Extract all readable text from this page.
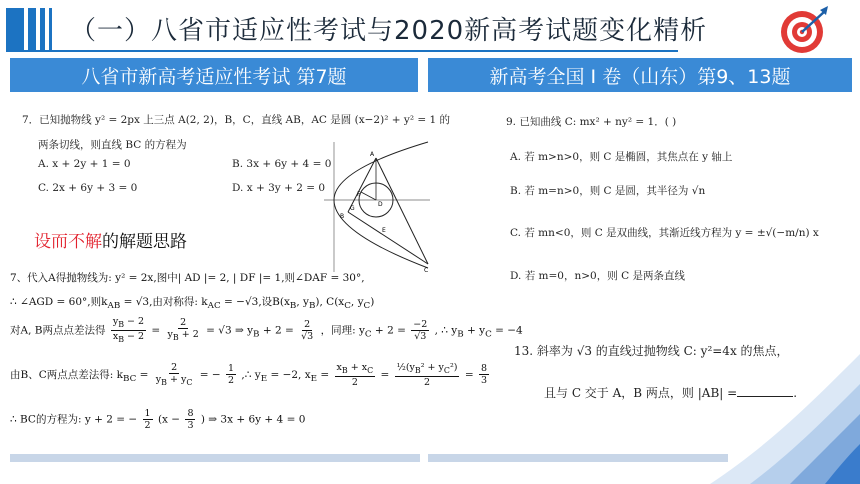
（一）八省市适应性考试与2020新高考试题变化精析
八省市新高考适应性考试 第7题	新高考全国 Ⅰ 卷（山东）第9、13题
7．已知抛物线 y² = 2px 上三点 A(2, 2)，B，C，直线 AB，AC 是圆 (x−2)² + y² = 1 的
两条切线，则直线 BC 的方程为
A. x + 2y + 1 = 0	B. 3x + 6y + 4 = 0
C. 2x + 6y + 3 = 0	D. x + 3y + 2 = 0
设而不解的解题思路
A
D
B
E
G
F
C
7、代入A得抛物线为: y² = 2x,图中| AD |= 2, | DF |= 1,则∠DAF = 30°,
∴ ∠AGD = 60°,则$k_{AB} = √3$,由对称得: $k_{AC} = -√3$,设$B(x_B$, $y_B$), $C(x_C$, $y_C$)
对A, B两点点差法得 $\frac{y_B - 2}{x_B - 2} = \frac{2}{y_B + 2} = √3$ ⇒ $y_B + 2 = \frac{2}{√3}$ ，同理: $y_C + 2 = \frac{-2}{√3}$ , ∴ $y_B + y_C = -4$
由B、C两点点差法得: $k_{BC} = \frac{2}{y_B + y_C}$ = − $\frac{1}{2}$ ,∴ $y_E = -2$, $x_E = \frac{x_B + x_C}{2} = \frac{\frac{1}{2}(y_B^2 + y_C^2)}{2} = \frac{8}{3}$
∴ BC的方程为: y + 2 = − $\frac{1}{2} (x - \frac{8}{3}$ ) ⇒ 3x + 6y + 4 = 0
9. 已知曲线 C: mx² + ny² = 1．( )
A. 若 m>n>0，则 C 是椭圆，其焦点在 y 轴上
B. 若 m=n>0，则 C 是圆，其半径为 √n
C. 若 mn<0，则 C 是双曲线，其渐近线方程为 y = ±√(−m/n) x
D. 若 m=0，n>0，则 C 是两条直线
13. 斜率为 √3 的直线过抛物线 C: y²=4x 的焦点，
且与 C 交于 A，B 两点，则 |AB| =	.
